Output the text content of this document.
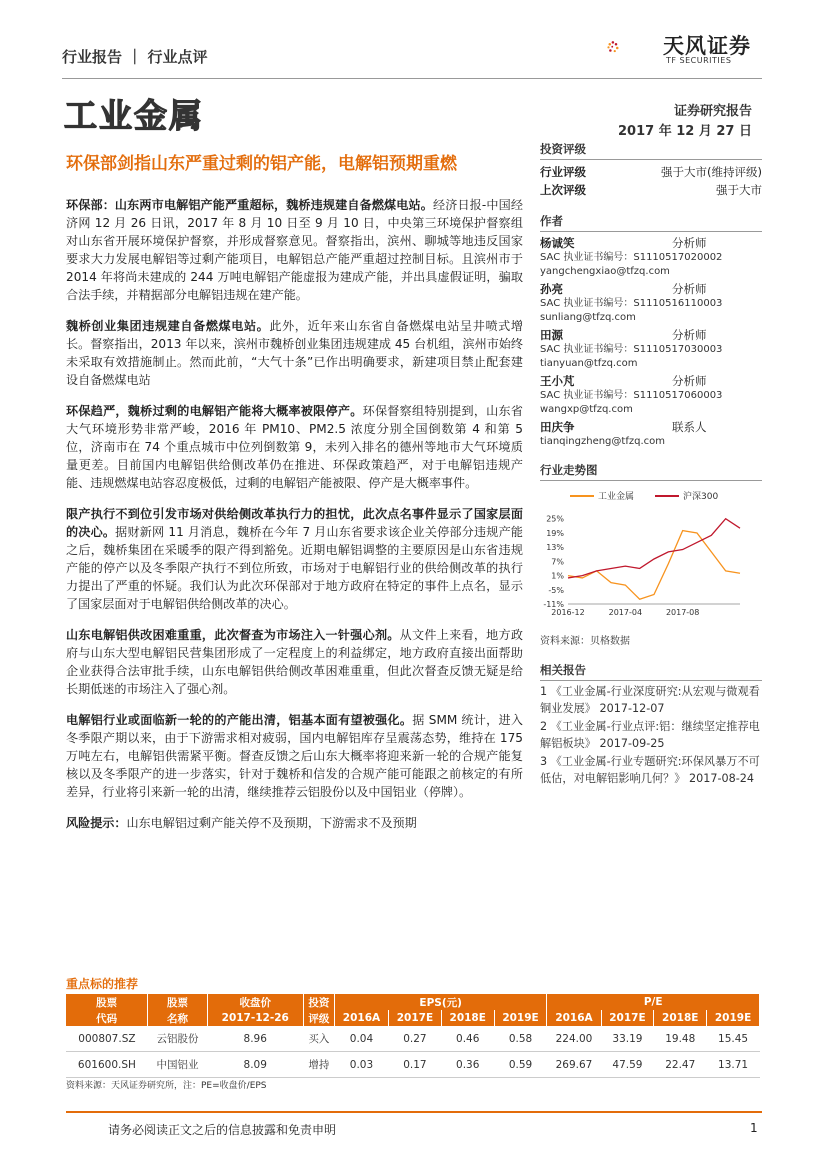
行业报告 ｜ 行业点评	天风证券
TF SECURITIES
工业金属	证券研究报告
2017 年 12 月 27 日
环保部剑指山东严重过剩的铝产能，电解铝预期重燃

环保部：山东两市电解铝产能严重超标，魏桥违规建自备燃煤电站。经济日报-中国经济网 12 月 26 日讯，2017 年 8 月 10 日至 9 月 10 日，中央第三环境保护督察组对山东省开展环境保护督察，并形成督察意见。督察指出，滨州、聊城等地违反国家要求大力发展电解铝等过剩产能项目，电解铝总产能严重超过控制目标。且滨州市于 2014 年将尚未建成的 244 万吨电解铝产能虚报为建成产能，并出具虚假证明，骗取合法手续，并精据部分电解铝违规在建产能。

魏桥创业集团违规建自备燃煤电站。此外，近年来山东省自备燃煤电站呈井喷式增长。督察指出，2013 年以来，滨州市魏桥创业集团违规建成 45 台机组，滨州市始终未采取有效措施制止。然而此前，“大气十条”已作出明确要求，新建项目禁止配套建设自备燃煤电站

环保趋严，魏桥过剩的电解铝产能将大概率被限停产。环保督察组特别提到，山东省大气环境形势非常严峻，2016 年 PM10、PM2.5 浓度分别全国倒数第 4 和第 5 位，济南市在 74 个重点城市中位列倒数第 9，未列入排名的德州等地市大气环境质量更差。目前国内电解铝供给侧改革仍在推进、环保政策趋严，对于电解铝违规产能、违规燃煤电站容忍度极低，过剩的电解铝产能被限、停产是大概率事件。

限产执行不到位引发市场对供给侧改革执行力的担忧，此次点名事件显示了国家层面的决心。据财新网 11 月消息，魏桥在今年 7 月山东省要求该企业关停部分违规产能之后，魏桥集团在采暖季的限产得到豁免。近期电解铝调整的主要原因是山东省违规产能的停产以及冬季限产执行不到位所致，市场对于电解铝行业的供给侧改革的执行力提出了严重的怀疑。我们认为此次环保部对于地方政府在特定的事件上点名，显示了国家层面对于电解铝供给侧改革的决心。

山东电解铝供改困难重重，此次督查为市场注入一针强心剂。从文件上来看，地方政府与山东大型电解铝民营集团形成了一定程度上的利益绑定，地方政府直接出面帮助企业获得合法审批手续，山东电解铝供给侧改革困难重重，但此次督查反馈无疑是给长期低迷的市场注入了强心剂。

电解铝行业或面临新一轮的的产能出清，铝基本面有望被强化。据 SMM 统计，进入冬季限产期以来，由于下游需求相对疲弱，国内电解铝库存呈震荡态势，维持在 175 万吨左右，电解铝供需紧平衡。督查反馈之后山东大概率将迎来新一轮的合规产能复核以及冬季限产的进一步落实，针对于魏桥和信发的合规产能可能跟之前核定的有所差异，行业将引来新一轮的出清，继续推荐云铝股份以及中国铝业（停牌）。

风险提示：山东电解铝过剩产能关停不及预期，下游需求不及预期

投资评级
行业评级	强于大市(维持评级)
上次评级	强于大市
作者
杨诚笑	分析师
SAC 执业证书编号：S1110517020002
yangchengxiao@tfzq.com
孙亮	分析师
SAC 执业证书编号：S1110516110003
sunliang@tfzq.com
田源	分析师
SAC 执业证书编号：S1110517030003
tianyuan@tfzq.com
王小芃	分析师
SAC 执业证书编号：S1110517060003
wangxp@tfzq.com
田庆争	联系人
tianqingzheng@tfzq.com
行业走势图
工业金属	沪深300
25%
19%
13%
7%
1%
-5%
-11%
2016-12	2017-04	2017-08
资料来源：贝格数据
相关报告
1 《工业金属-行业深度研究:从宏观与微观看铜业发展》 2017-12-07
2 《工业金属-行业点评:铝：继续坚定推荐电解铝板块》 2017-09-25
3 《工业金属-行业专题研究:环保风暴万不可低估，对电解铝影响几何？》 2017-08-24
重点标的推荐
股票	股票	收盘价	投资	EPS(元)				P/E			
代码	名称	2017-12-26	评级	2016A	2017E	2018E	2019E	2016A	2017E	2018E	2019E
000807.SZ	云铝股份	8.96	买入	0.04	0.27	0.46	0.58	224.00	33.19	19.48	15.45
601600.SH	中国铝业	8.09	增持	0.03	0.17	0.36	0.59	269.67	47.59	22.47	13.71
资料来源：天风证券研究所，注：PE=收盘价/EPS
请务必阅读正文之后的信息披露和免责申明	1
